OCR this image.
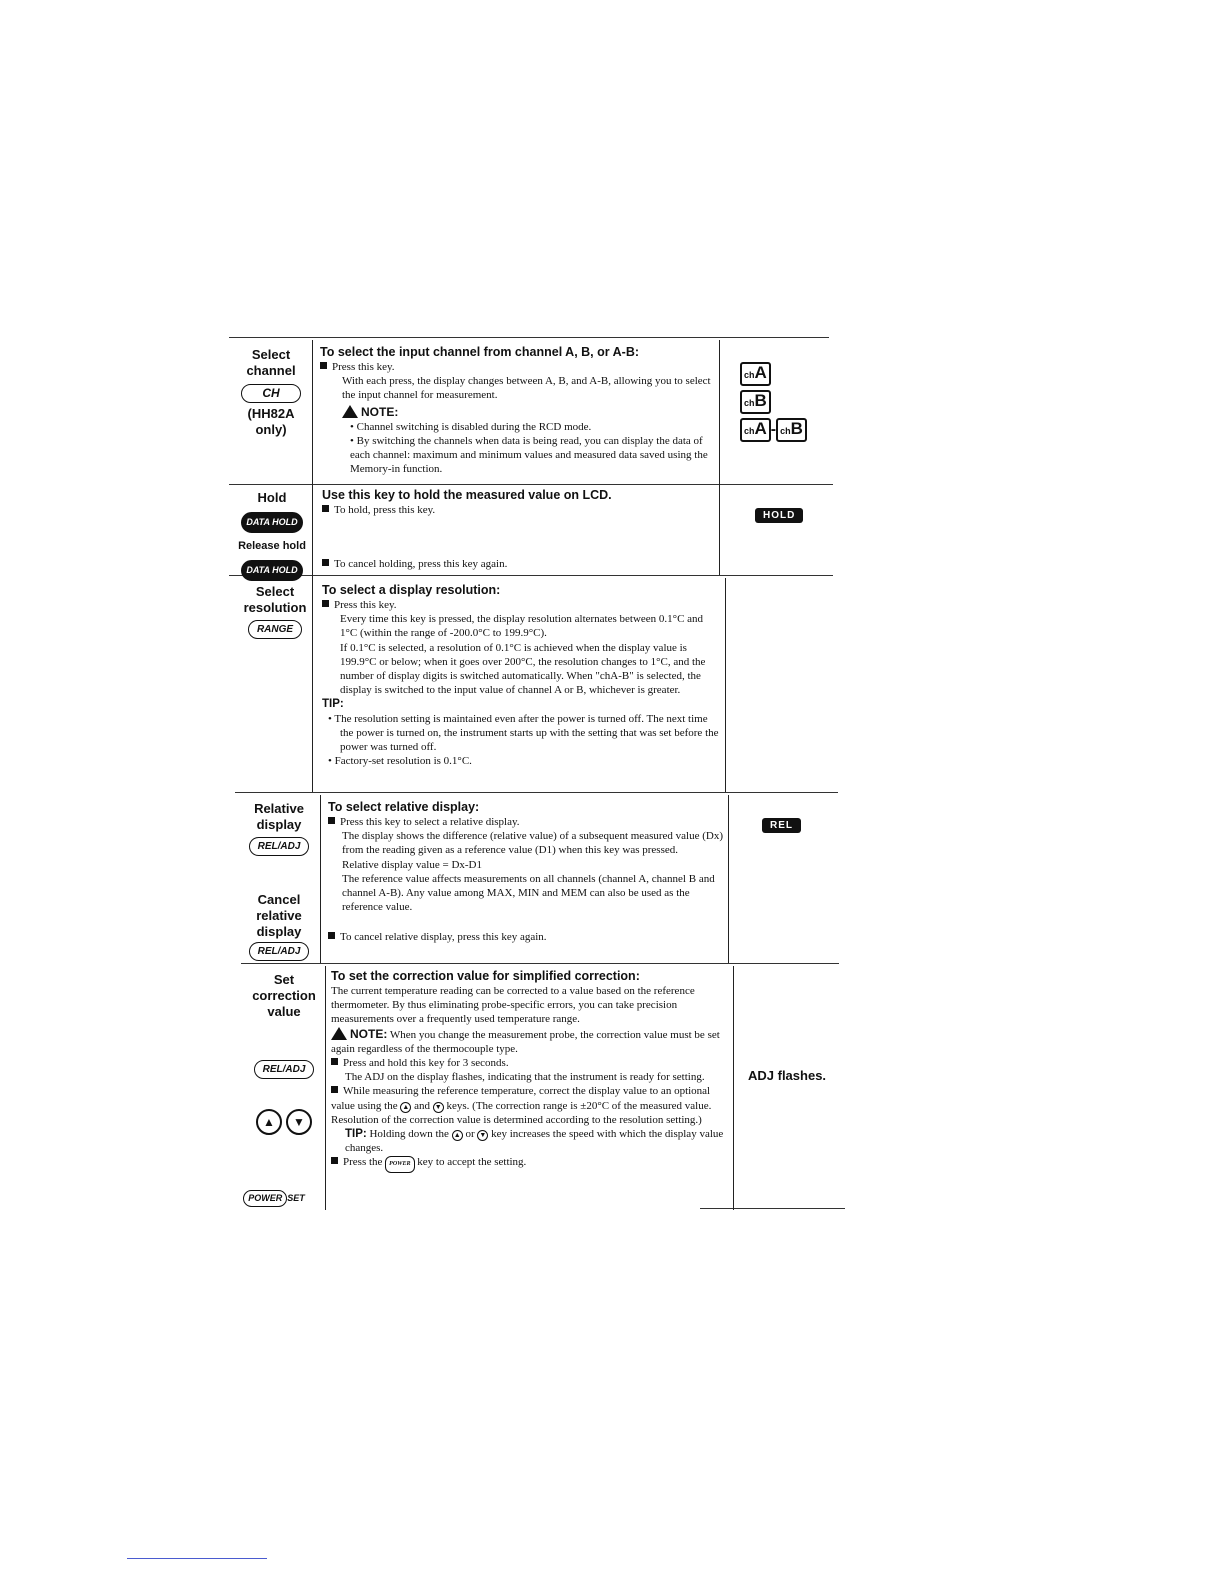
Select
channel
CH
(HH82A
only)
To select the input channel from channel A, B, or A-B:
Press this key.
With each press, the display changes between A, B, and A-B, allowing you to select the input channel for measurement.
NOTE:
• Channel switching is disabled during the RCD mode.
• By switching the channels when data is being read, you can display the data of each channel: maximum and minimum values and measured data saved using the Memory-in function.
chA
chB
chA - chB
Hold
DATA HOLD
Release hold
DATA HOLD
Use this key to hold the measured value on LCD.
To hold, press this key.
To cancel holding, press this key again.
HOLD
Select
resolution
RANGE
To select a display resolution:
Press this key.
Every time this key is pressed, the display resolution alternates between 0.1°C and 1°C (within the range of -200.0°C to 199.9°C).
If 0.1°C is selected, a resolution of 0.1°C is achieved when the display value is 199.9°C or below; when it goes over 200°C, the resolution changes to 1°C, and the number of display digits is switched automatically. When "chA-B" is selected, the display is switched to the input value of channel A or B, whichever is greater.
TIP:
• The resolution setting is maintained even after the power is turned off. The next time the power is turned on, the instrument starts up with the setting that was set before the power was turned off.
• Factory-set resolution is 0.1°C.
Relative
display
REL/ADJ
Cancel
relative
display
REL/ADJ
To select relative display:
Press this key to select a relative display.
The display shows the difference (relative value) of a subsequent measured value (Dx) from the reading given as a reference value (D1) when this key was pressed.
Relative display value = Dx-D1
The reference value affects measurements on all channels (channel A, channel B and channel A-B). Any value among MAX, MIN and MEM can also be used as the reference value.
To cancel relative display, press this key again.
REL
Set
correction
value
REL/ADJ
▲ ▼
POWER SET
To set the correction value for simplified correction:
The current temperature reading can be corrected to a value based on the reference thermometer. By thus eliminating probe-specific errors, you can take precision measurements over a frequently used temperature range.
NOTE: When you change the measurement probe, the correction value must be set again regardless of the thermocouple type.
Press and hold this key for 3 seconds.
The ADJ on the display flashes, indicating that the instrument is ready for setting.
While measuring the reference temperature, correct the display value to an optional value using the ▲ and ▼ keys. (The correction range is ±20°C of the measured value. Resolution of the correction value is determined according to the resolution setting.)
TIP: Holding down the ▲ or ▼ key increases the speed with which the display value changes.
Press the POWER key to accept the setting.
ADJ flashes.
